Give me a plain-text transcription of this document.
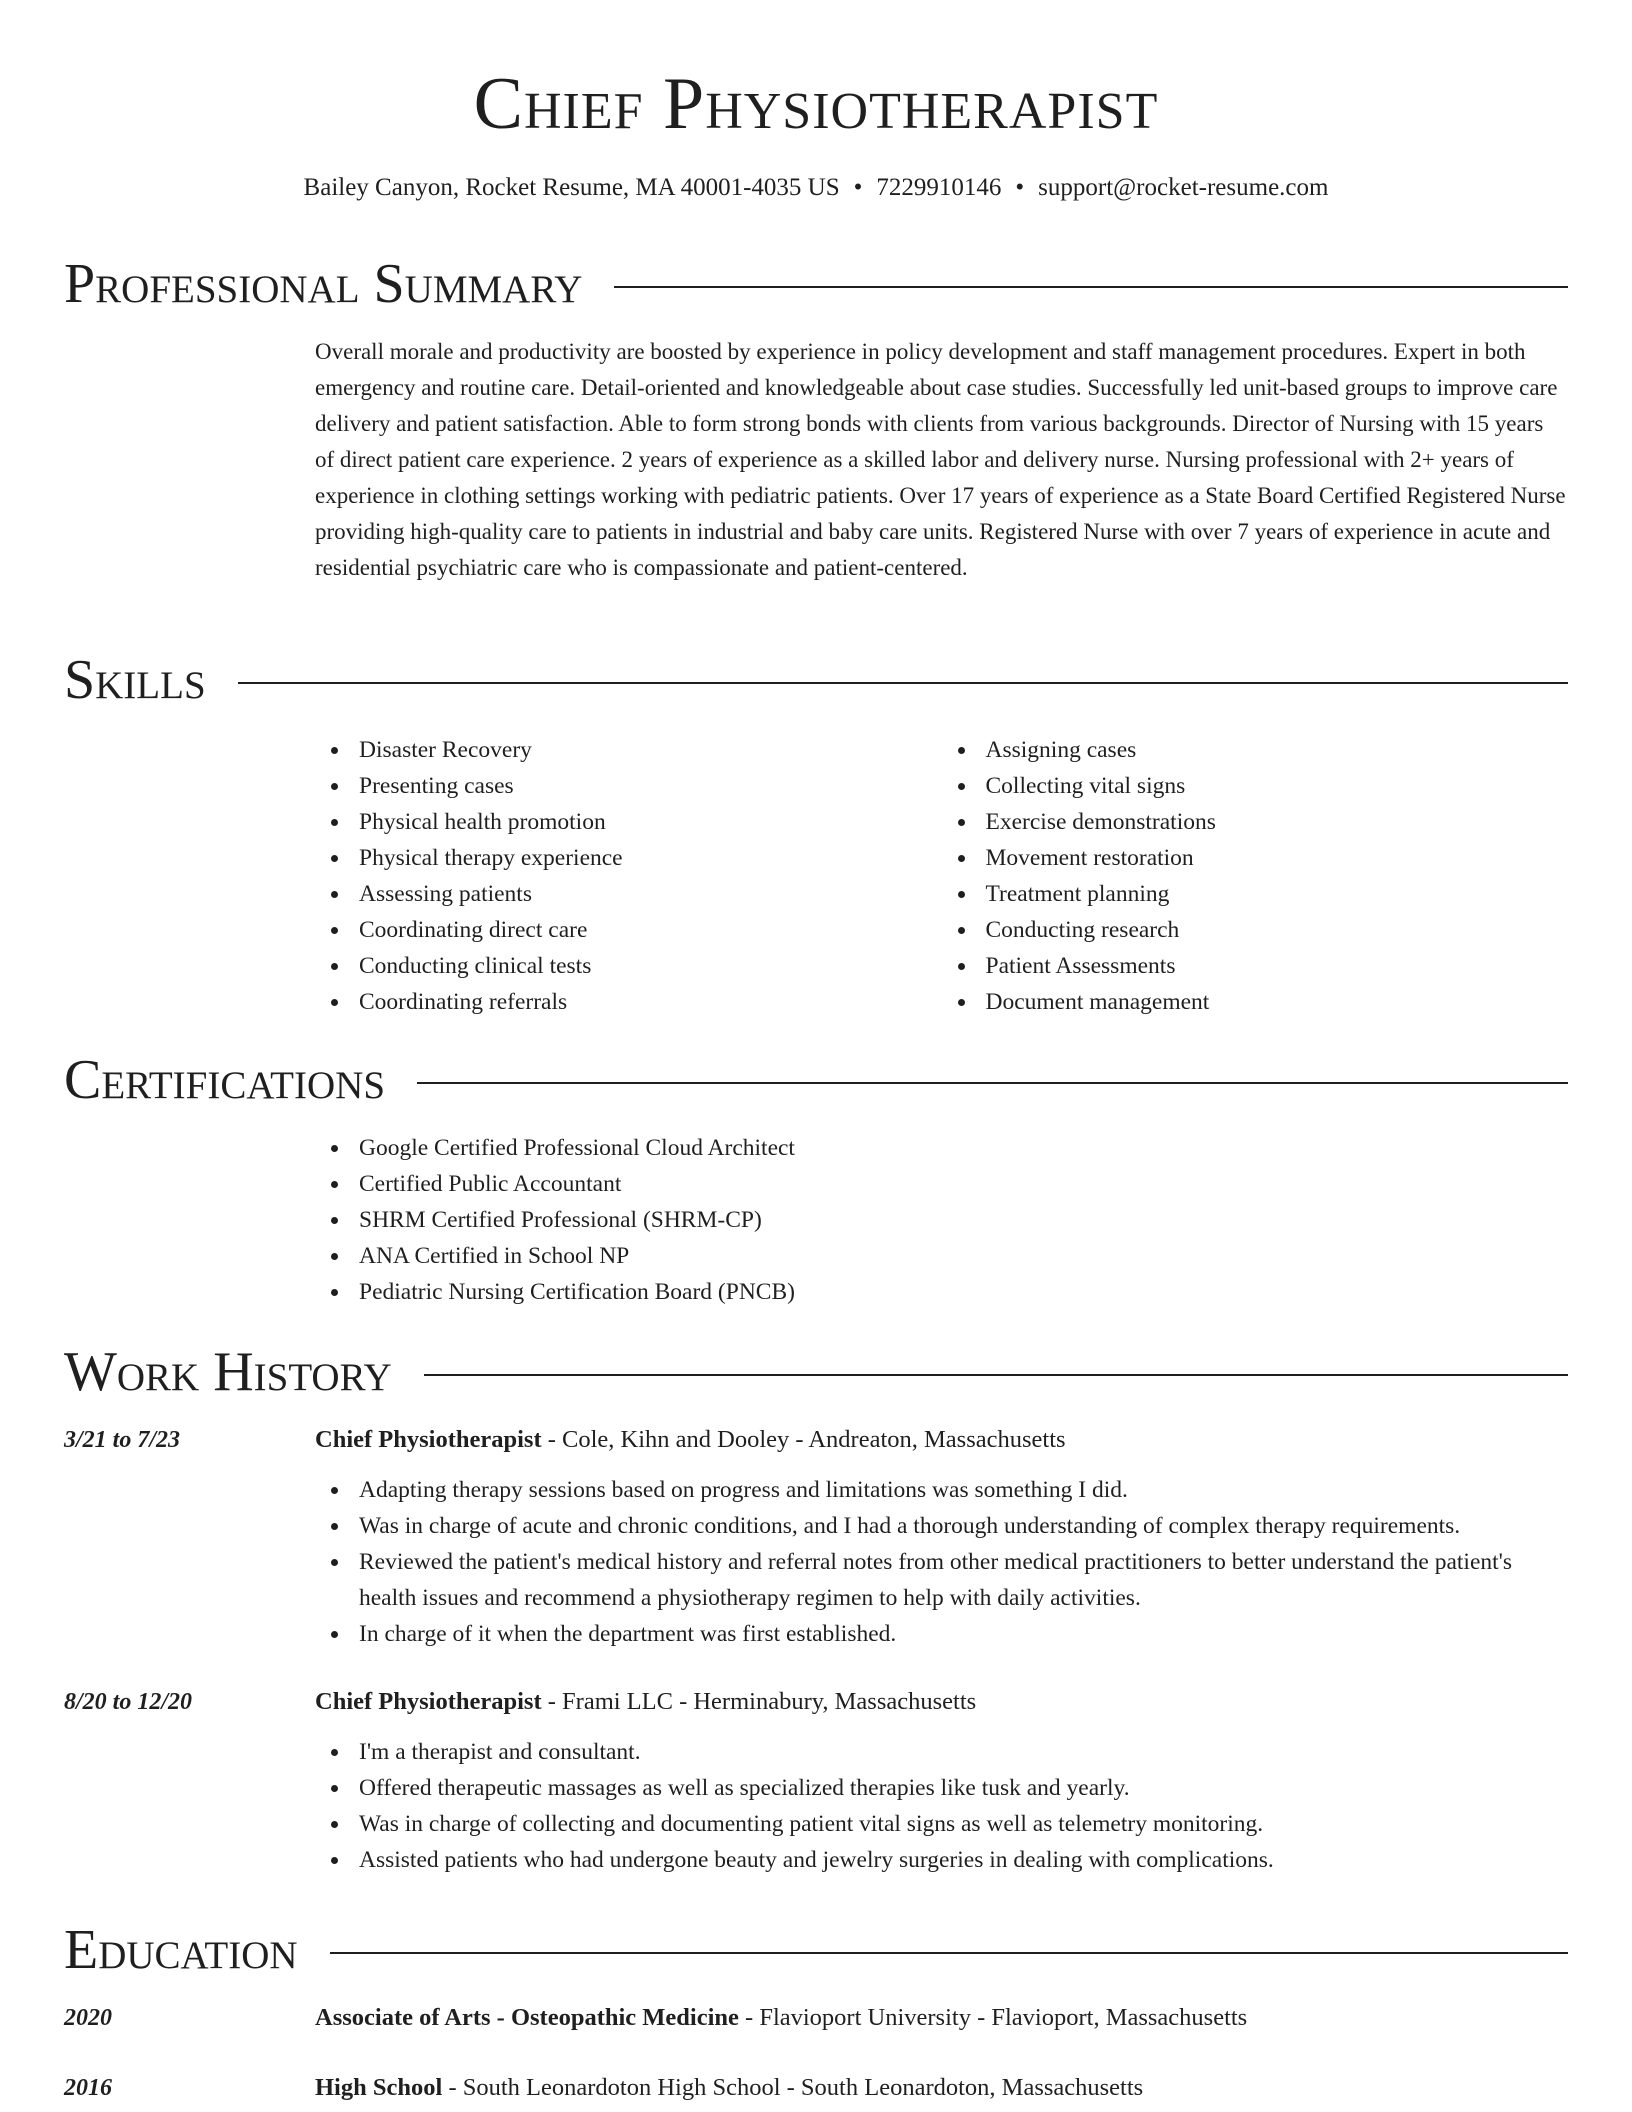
Chief Physiotherapist
Bailey Canyon, Rocket Resume, MA 40001-4035 US • 7229910146 • support@rocket-resume.com
Professional Summary

Overall morale and productivity are boosted by experience in policy development and staff management procedures. Expert in both emergency and routine care. Detail-oriented and knowledgeable about case studies. Successfully led unit-based groups to improve care delivery and patient satisfaction. Able to form strong bonds with clients from various backgrounds. Director of Nursing with 15 years of direct patient care experience. 2 years of experience as a skilled labor and delivery nurse. Nursing professional with 2+ years of experience in clothing settings working with pediatric patients. Over 17 years of experience as a State Board Certified Registered Nurse providing high-quality care to patients in industrial and baby care units. Registered Nurse with over 7 years of experience in acute and residential psychiatric care who is compassionate and patient-centered.

Skills
Disaster Recovery
Presenting cases
Physical health promotion
Physical therapy experience
Assessing patients
Coordinating direct care
Conducting clinical tests
Coordinating referrals
Assigning cases
Collecting vital signs
Exercise demonstrations
Movement restoration
Treatment planning
Conducting research
Patient Assessments
Document management
Certifications
Google Certified Professional Cloud Architect
Certified Public Accountant
SHRM Certified Professional (SHRM-CP)
ANA Certified in School NP
Pediatric Nursing Certification Board (PNCB)
Work History
3/21 to 7/23	Chief Physiotherapist - Cole, Kihn and Dooley - Andreaton, Massachusetts
Adapting therapy sessions based on progress and limitations was something I did.
Was in charge of acute and chronic conditions, and I had a thorough understanding of complex therapy requirements.
Reviewed the patient's medical history and referral notes from other medical practitioners to better understand the patient's health issues and recommend a physiotherapy regimen to help with daily activities.
In charge of it when the department was first established.
8/20 to 12/20	Chief Physiotherapist - Frami LLC - Herminabury, Massachusetts
I'm a therapist and consultant.
Offered therapeutic massages as well as specialized therapies like tusk and yearly.
Was in charge of collecting and documenting patient vital signs as well as telemetry monitoring.
Assisted patients who had undergone beauty and jewelry surgeries in dealing with complications.
Education
2020	Associate of Arts - Osteopathic Medicine - Flavioport University - Flavioport, Massachusetts
2016	High School - South Leonardoton High School - South Leonardoton, Massachusetts
